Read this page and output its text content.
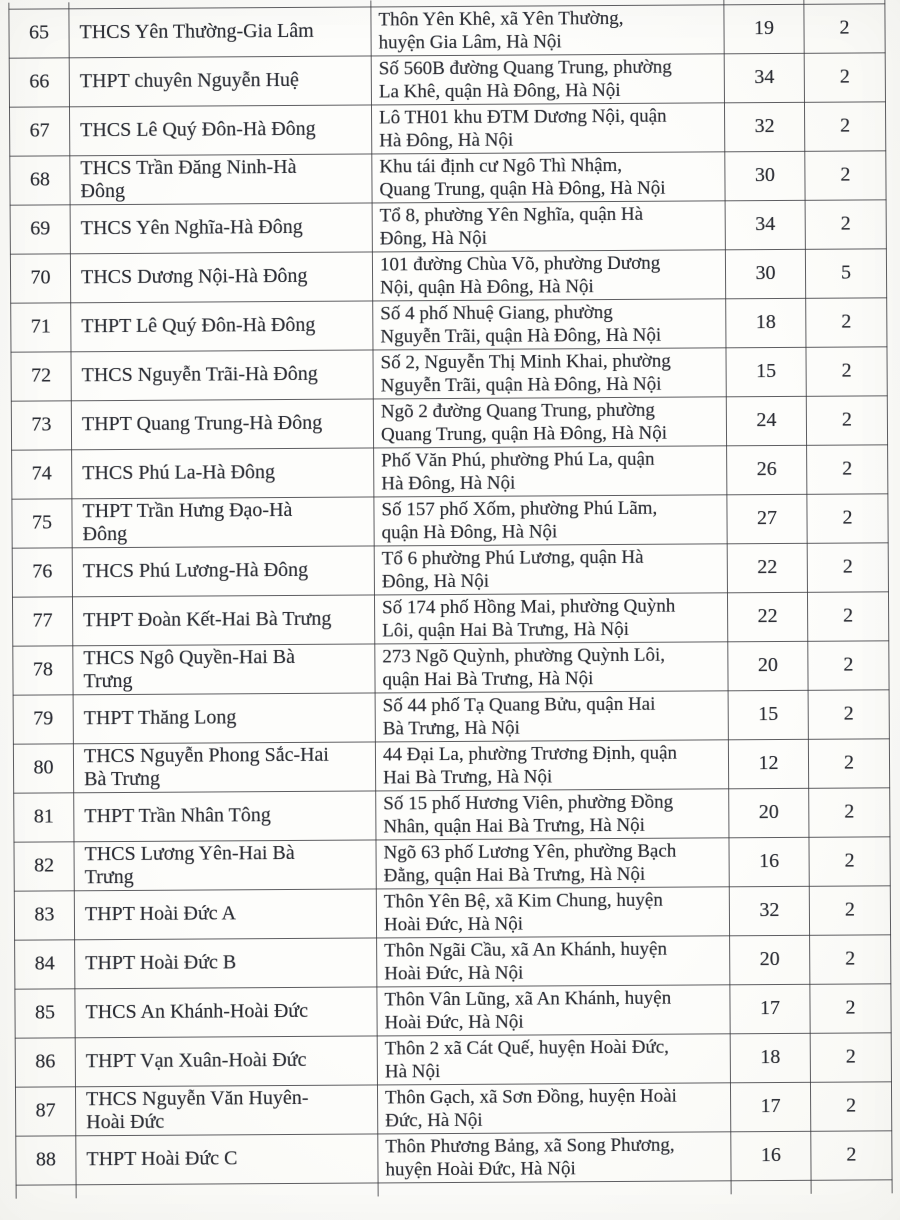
65	THCS Yên Thường-Gia Lâm	Thôn Yên Khê, xã Yên Thường,
huyện Gia Lâm, Hà Nội	19	2
66	THPT chuyên Nguyễn Huệ	Số 560B đường Quang Trung, phường
La Khê, quận Hà Đông, Hà Nội	34	2
67	THCS Lê Quý Đôn-Hà Đông	Lô TH01 khu ĐTM Dương Nội, quận
Hà Đông, Hà Nội	32	2
68	THCS Trần Đăng Ninh-Hà
Đông	Khu tái định cư Ngô Thì Nhậm,
Quang Trung, quận Hà Đông, Hà Nội	30	2
69	THCS Yên Nghĩa-Hà Đông	Tổ 8, phường Yên Nghĩa, quận Hà
Đông, Hà Nội	34	2
70	THCS Dương Nội-Hà Đông	101 đường Chùa Võ, phường Dương
Nội, quận Hà Đông, Hà Nội	30	5
71	THPT Lê Quý Đôn-Hà Đông	Số 4 phố Nhuệ Giang, phường
Nguyễn Trãi, quận Hà Đông, Hà Nội	18	2
72	THCS Nguyễn Trãi-Hà Đông	Số 2, Nguyễn Thị Minh Khai, phường
Nguyễn Trãi, quận Hà Đông, Hà Nội	15	2
73	THPT Quang Trung-Hà Đông	Ngõ 2 đường Quang Trung, phường
Quang Trung, quận Hà Đông, Hà Nội	24	2
74	THCS Phú La-Hà Đông	Phố Văn Phú, phường Phú La, quận
Hà Đông, Hà Nội	26	2
75	THPT Trần Hưng Đạo-Hà
Đông	Số 157 phố Xốm, phường Phú Lãm,
quận Hà Đông, Hà Nội	27	2
76	THCS Phú Lương-Hà Đông	Tổ 6 phường Phú Lương, quận Hà
Đông, Hà Nội	22	2
77	THPT Đoàn Kết-Hai Bà Trưng	Số 174 phố Hồng Mai, phường Quỳnh
Lôi, quận Hai Bà Trưng, Hà Nội	22	2
78	THCS Ngô Quyền-Hai Bà
Trưng	273 Ngõ Quỳnh, phường Quỳnh Lôi,
quận Hai Bà Trưng, Hà Nội	20	2
79	THPT Thăng Long	Số 44 phố Tạ Quang Bửu, quận Hai
Bà Trưng, Hà Nội	15	2
80	THCS Nguyễn Phong Sắc-Hai
Bà Trưng	44 Đại La, phường Trương Định, quận
Hai Bà Trưng, Hà Nội	12	2
81	THPT Trần Nhân Tông	Số 15 phố Hương Viên, phường Đồng
Nhân, quận Hai Bà Trưng, Hà Nội	20	2
82	THCS Lương Yên-Hai Bà
Trưng	Ngõ 63 phố Lương Yên, phường Bạch
Đằng, quận Hai Bà Trưng, Hà Nội	16	2
83	THPT Hoài Đức A	Thôn Yên Bệ, xã Kim Chung, huyện
Hoài Đức, Hà Nội	32	2
84	THPT Hoài Đức B	Thôn Ngãi Cầu, xã An Khánh, huyện
Hoài Đức, Hà Nội	20	2
85	THCS An Khánh-Hoài Đức	Thôn Vân Lũng, xã An Khánh, huyện
Hoài Đức, Hà Nội	17	2
86	THPT Vạn Xuân-Hoài Đức	Thôn 2 xã Cát Quế, huyện Hoài Đức,
Hà Nội	18	2
87	THCS Nguyễn Văn Huyên-
Hoài Đức	Thôn Gạch, xã Sơn Đồng, huyện Hoài
Đức, Hà Nội	17	2
88	THPT Hoài Đức C	Thôn Phương Bảng, xã Song Phương,
huyện Hoài Đức, Hà Nội	16	2
